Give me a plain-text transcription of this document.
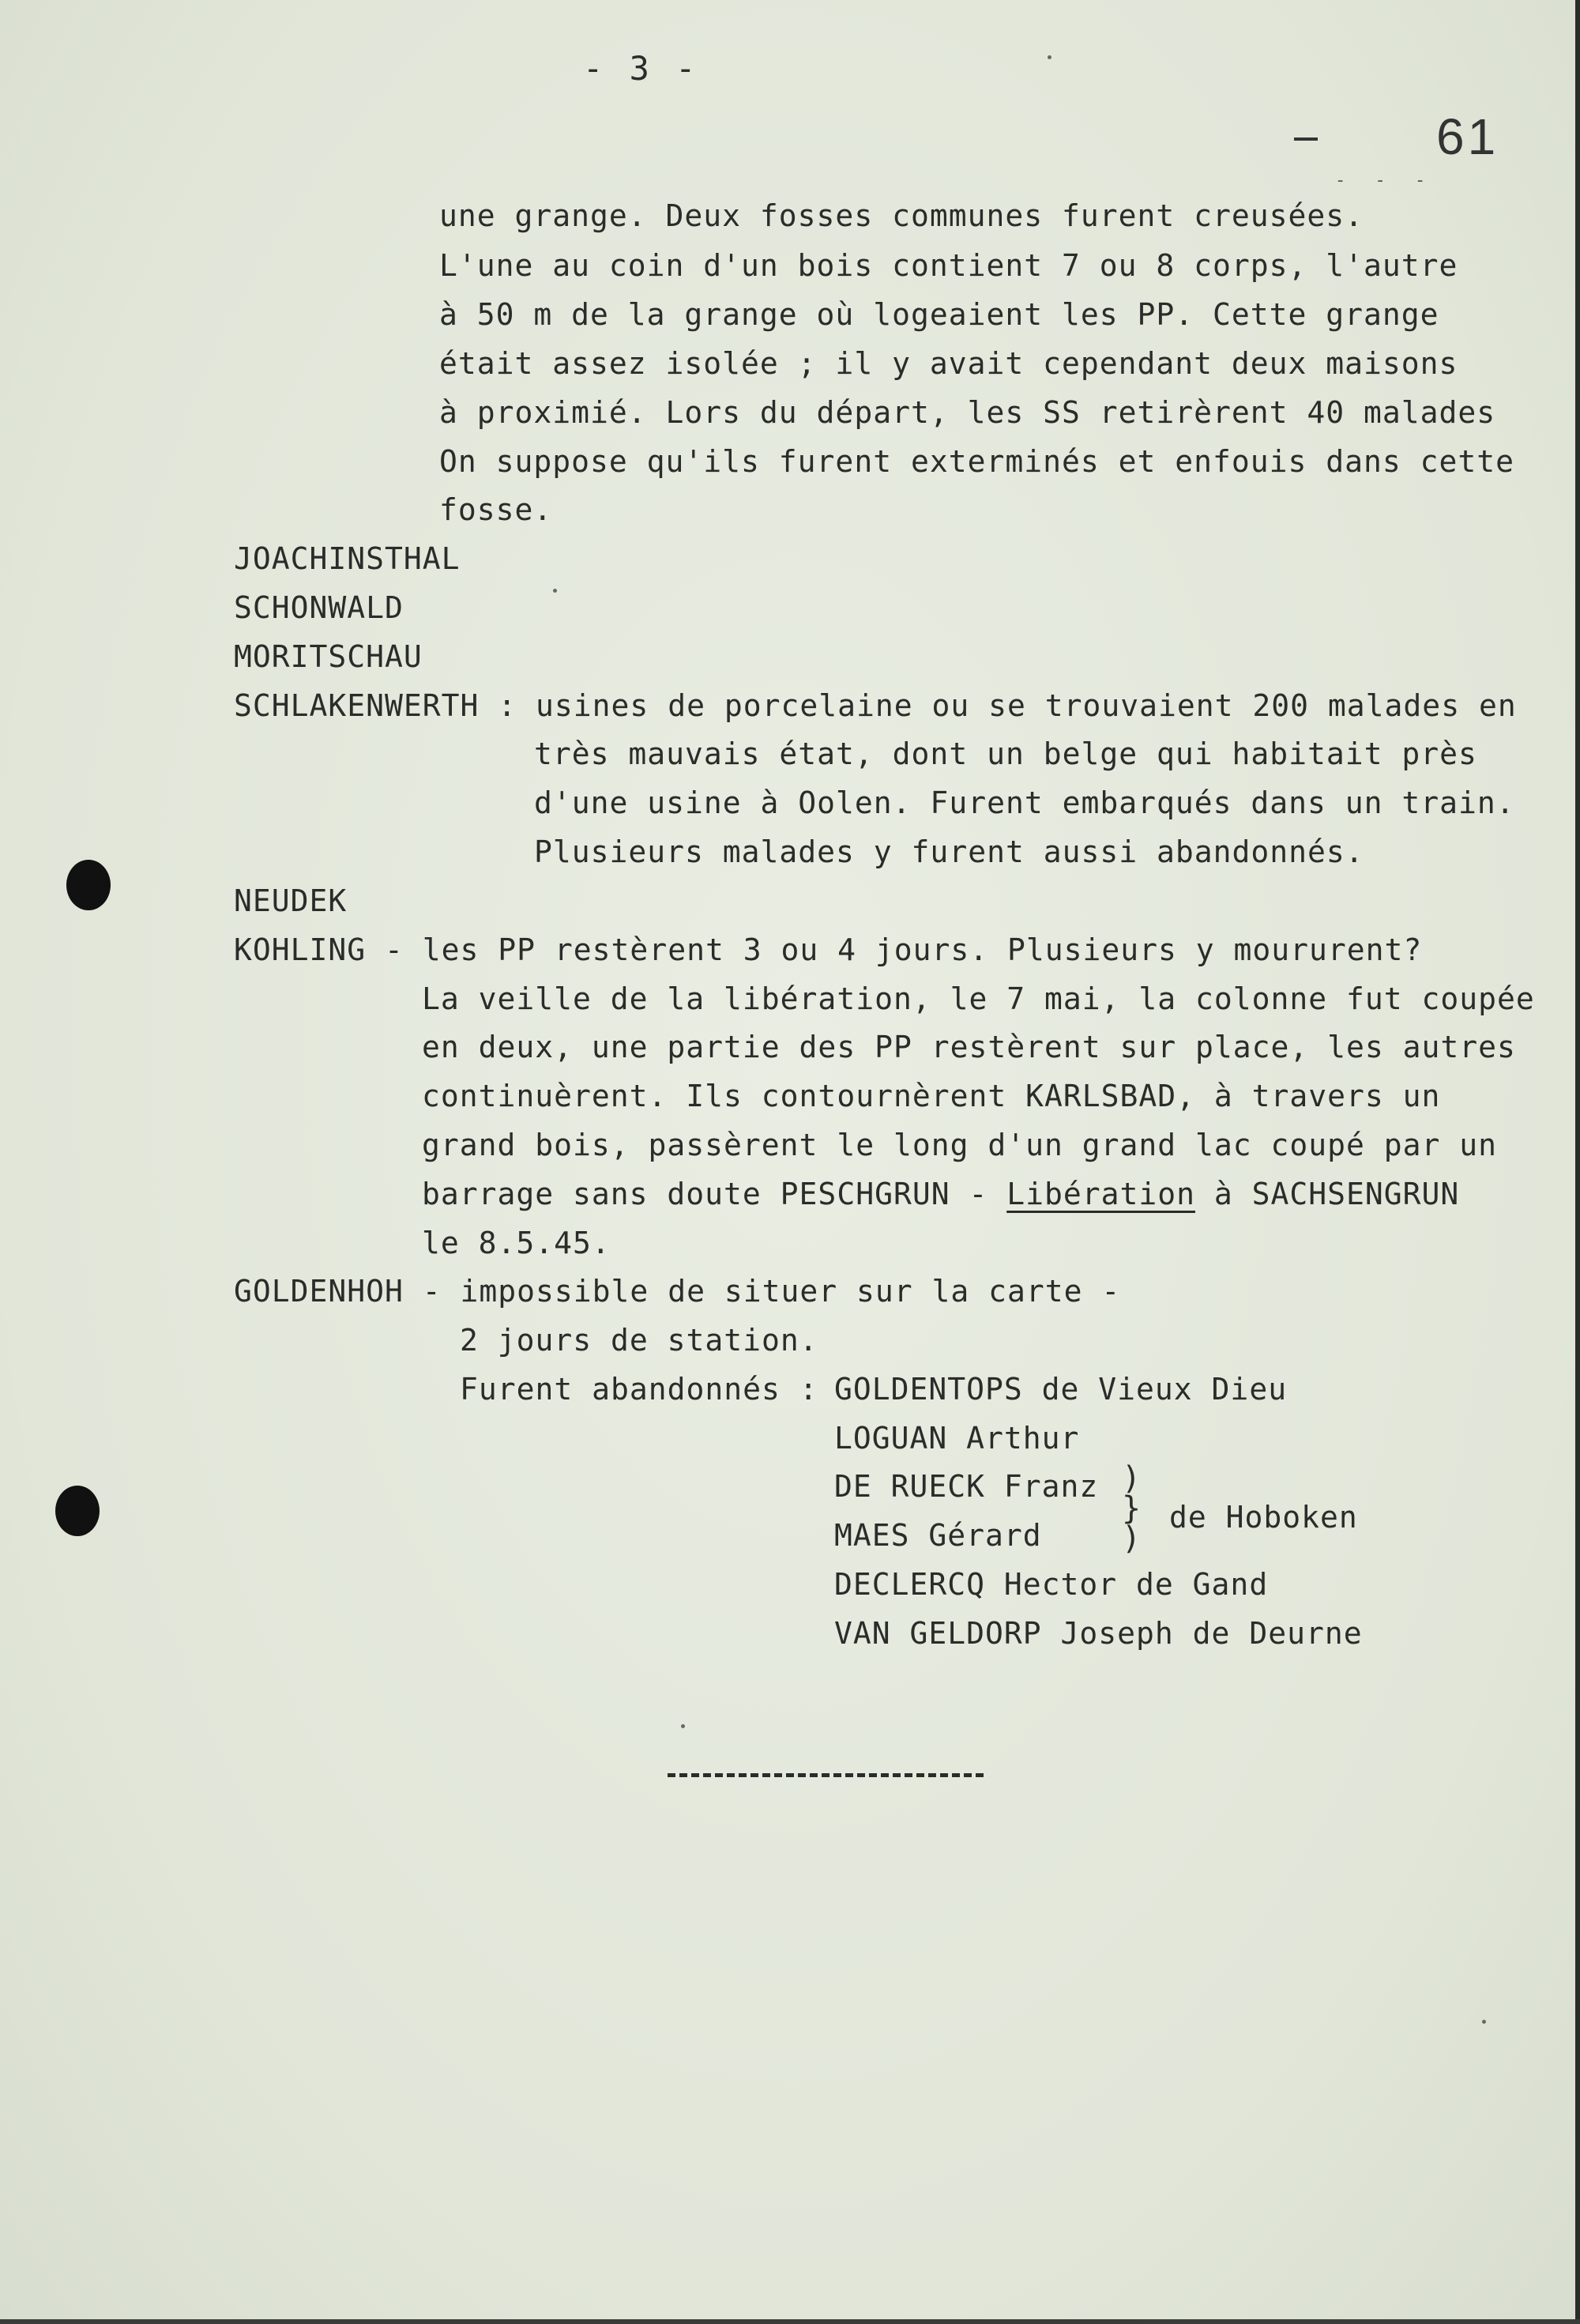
- 3 -
61
- - -
une grange. Deux fosses communes furent creusées.
L'une au coin d'un bois contient 7 ou 8 corps, l'autre
à 50 m de la grange où logeaient les PP. Cette grange
était assez isolée ; il y avait cependant deux maisons
à proximié. Lors du départ, les SS retirèrent 40 malades
On suppose qu'ils furent exterminés et enfouis dans cette
fosse.
JOACHINSTHAL
SCHONWALD
MORITSCHAU
SCHLAKENWERTH : usines de porcelaine ou se trouvaient 200 malades en
très mauvais état, dont un belge qui habitait près
d'une usine à Oolen. Furent embarqués dans un train.
Plusieurs malades y furent aussi abandonnés.
NEUDEK
KOHLING - les PP restèrent 3 ou 4 jours. Plusieurs y moururent?
La veille de la libération, le 7 mai, la colonne fut coupée
en deux, une partie des PP restèrent sur place, les autres
continuèrent. Ils contournèrent KARLSBAD, à travers un
grand bois, passèrent le long d'un grand lac coupé par un
barrage sans doute PESCHGRUN - Libération à SACHSENGRUN
le 8.5.45.
GOLDENHOH - impossible de situer sur la carte -
2 jours de station.
Furent abandonnés :
GOLDENTOPS de Vieux Dieu
LOGUAN Arthur
DE RUECK Franz
MAES Gérard
)
}
)
de Hoboken
DECLERCQ Hector de Gand
VAN GELDORP Joseph de Deurne
